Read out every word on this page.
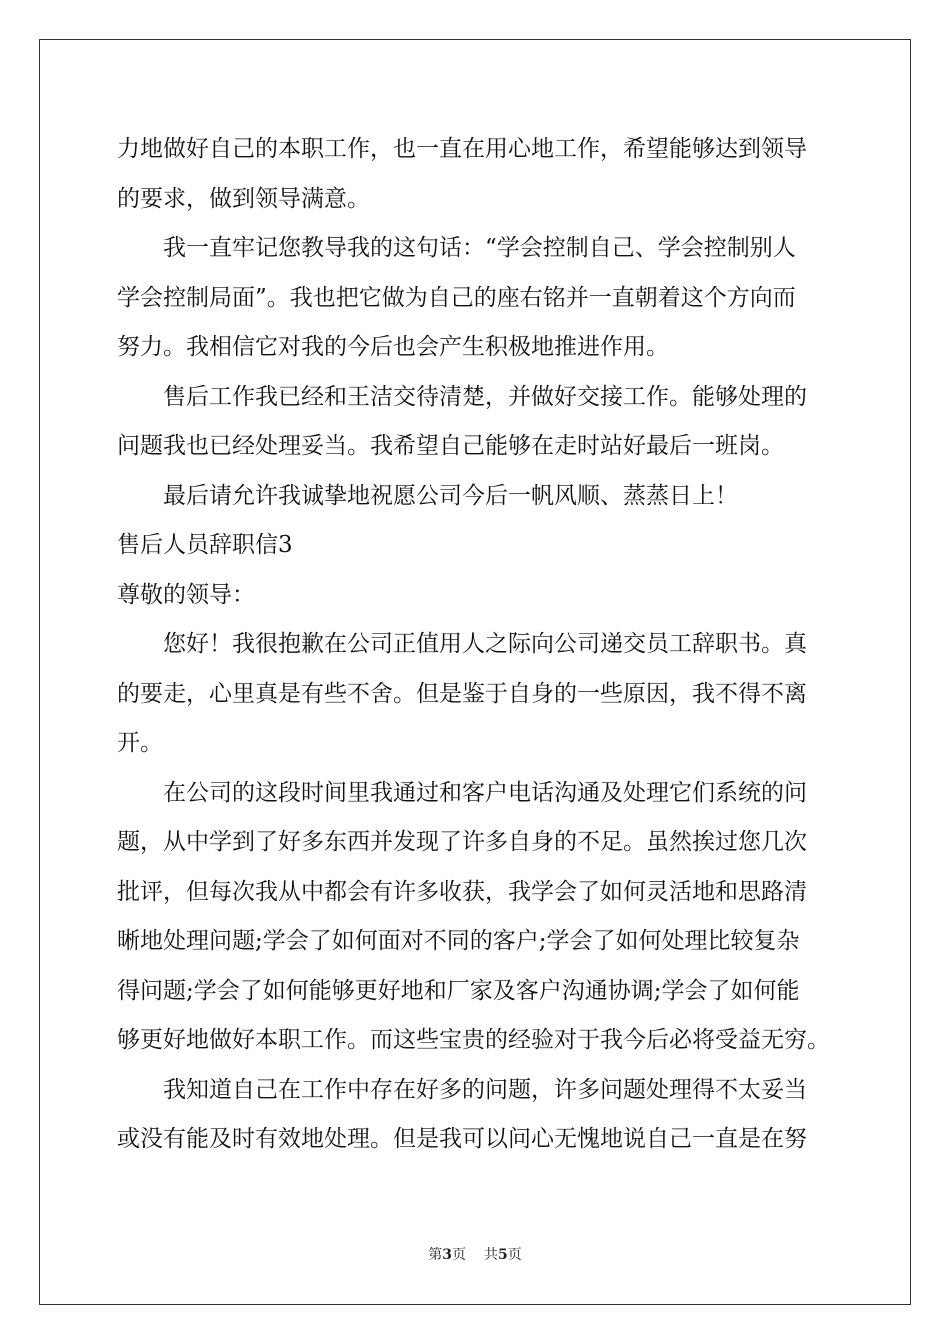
力地做好自己的本职工作，也一直在用心地工作，希望能够达到领导
的要求，做到领导满意。
我一直牢记您教导我的这句话：“学会控制自己、学会控制别人
学会控制局面”。我也把它做为自己的座右铭并一直朝着这个方向而
努力。我相信它对我的今后也会产生积极地推进作用。
售后工作我已经和王洁交待清楚，并做好交接工作。能够处理的
问题我也已经处理妥当。我希望自己能够在走时站好最后一班岗。
最后请允许我诚挚地祝愿公司今后一帆风顺、蒸蒸日上！
售后人员辞职信3
尊敬的领导：
您好！我很抱歉在公司正值用人之际向公司递交员工辞职书。真
的要走，心里真是有些不舍。但是鉴于自身的一些原因，我不得不离
开。
在公司的这段时间里我通过和客户电话沟通及处理它们系统的问
题，从中学到了好多东西并发现了许多自身的不足。虽然挨过您几次
批评，但每次我从中都会有许多收获，我学会了如何灵活地和思路清
晰地处理问题;学会了如何面对不同的客户;学会了如何处理比较复杂
得问题;学会了如何能够更好地和厂家及客户沟通协调;学会了如何能
够更好地做好本职工作。而这些宝贵的经验对于我今后必将受益无穷。
我知道自己在工作中存在好多的问题，许多问题处理得不太妥当
或没有能及时有效地处理。但是我可以问心无愧地说自己一直是在努
第3页 共5页
